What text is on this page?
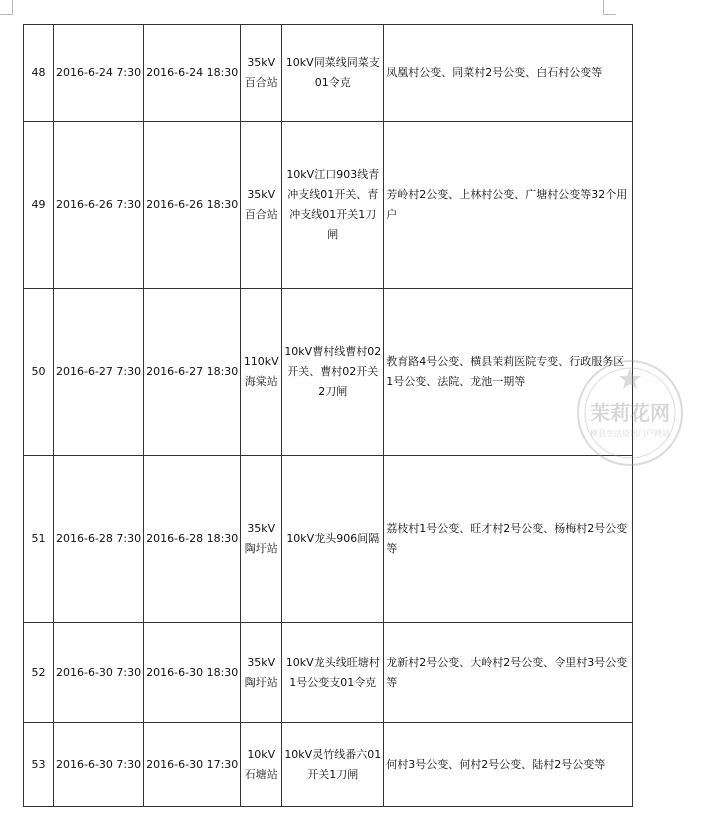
48	2016-6-24 7:30	2016-6-24 18:30	35kV百合站	10kV同菜线同菜支01令克	凤凰村公变、同菜村2号公变、白石村公变等
49	2016-6-26 7:30	2016-6-26 18:30	35kV百合站	10kV江口903线青冲支线01开关、青冲支线01开关1刀闸	芳岭村2公变、上林村公变、广塘村公变等32个用户
50	2016-6-27 7:30	2016-6-27 18:30	110kV海棠站	10kV曹村线曹村02开关、曹村02开关2刀闸	教育路4号公变、横县茉莉医院专变、行政服务区1号公变、法院、龙池一期等
51	2016-6-28 7:30	2016-6-28 18:30	35kV陶圩站	10kV龙头906间隔	荔枝村1号公变、旺才村2号公变、杨梅村2号公变等
52	2016-6-30 7:30	2016-6-30 18:30	35kV陶圩站	10kV龙头线旺塘村1号公变支01令克	龙新村2号公变、大岭村2号公变、令里村3号公变等
53	2016-6-30 7:30	2016-6-30 17:30	10kV石塘站	10kV灵竹线番六01开关1刀闸	何村3号公变、何村2号公变、陆村2号公变等
茉莉花网
横县生活资讯门户网站
